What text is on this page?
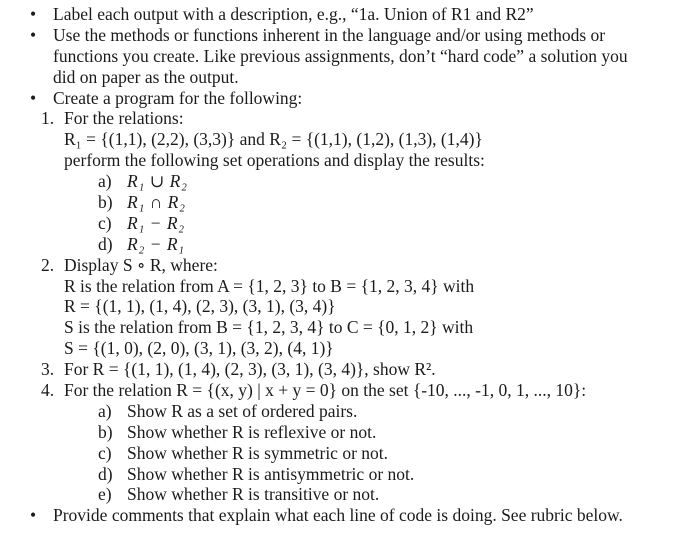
• Label each output with a description, e.g., “1a. Union of R1 and R2”
• Use the methods or functions inherent in the language and/or using methods or
functions you create. Like previous assignments, don’t “hard code” a solution you
did on paper as the output.
• Create a program for the following:
1. For the relations:
R₁ = {(1,1), (2,2), (3,3)} and R₂ = {(1,1), (1,2), (1,3), (1,4)}
perform the following set operations and display the results:
a) R₁ ∪ R₂
b) R₁ ∩ R₂
c) R₁ − R₂
d) R₂ − R₁
2. Display S ∘ R, where:
R is the relation from A = {1, 2, 3} to B = {1, 2, 3, 4} with
R = {(1, 1), (1, 4), (2, 3), (3, 1), (3, 4)}
S is the relation from B = {1, 2, 3, 4} to C = {0, 1, 2} with
S = {(1, 0), (2, 0), (3, 1), (3, 2), (4, 1)}
3. For R = {(1, 1), (1, 4), (2, 3), (3, 1), (3, 4)}, show R².
4. For the relation R = {(x, y) | x + y = 0} on the set {-10, ..., -1, 0, 1, ..., 10}:
a) Show R as a set of ordered pairs.
b) Show whether R is reflexive or not.
c) Show whether R is symmetric or not.
d) Show whether R is antisymmetric or not.
e) Show whether R is transitive or not.
• Provide comments that explain what each line of code is doing. See rubric below.
